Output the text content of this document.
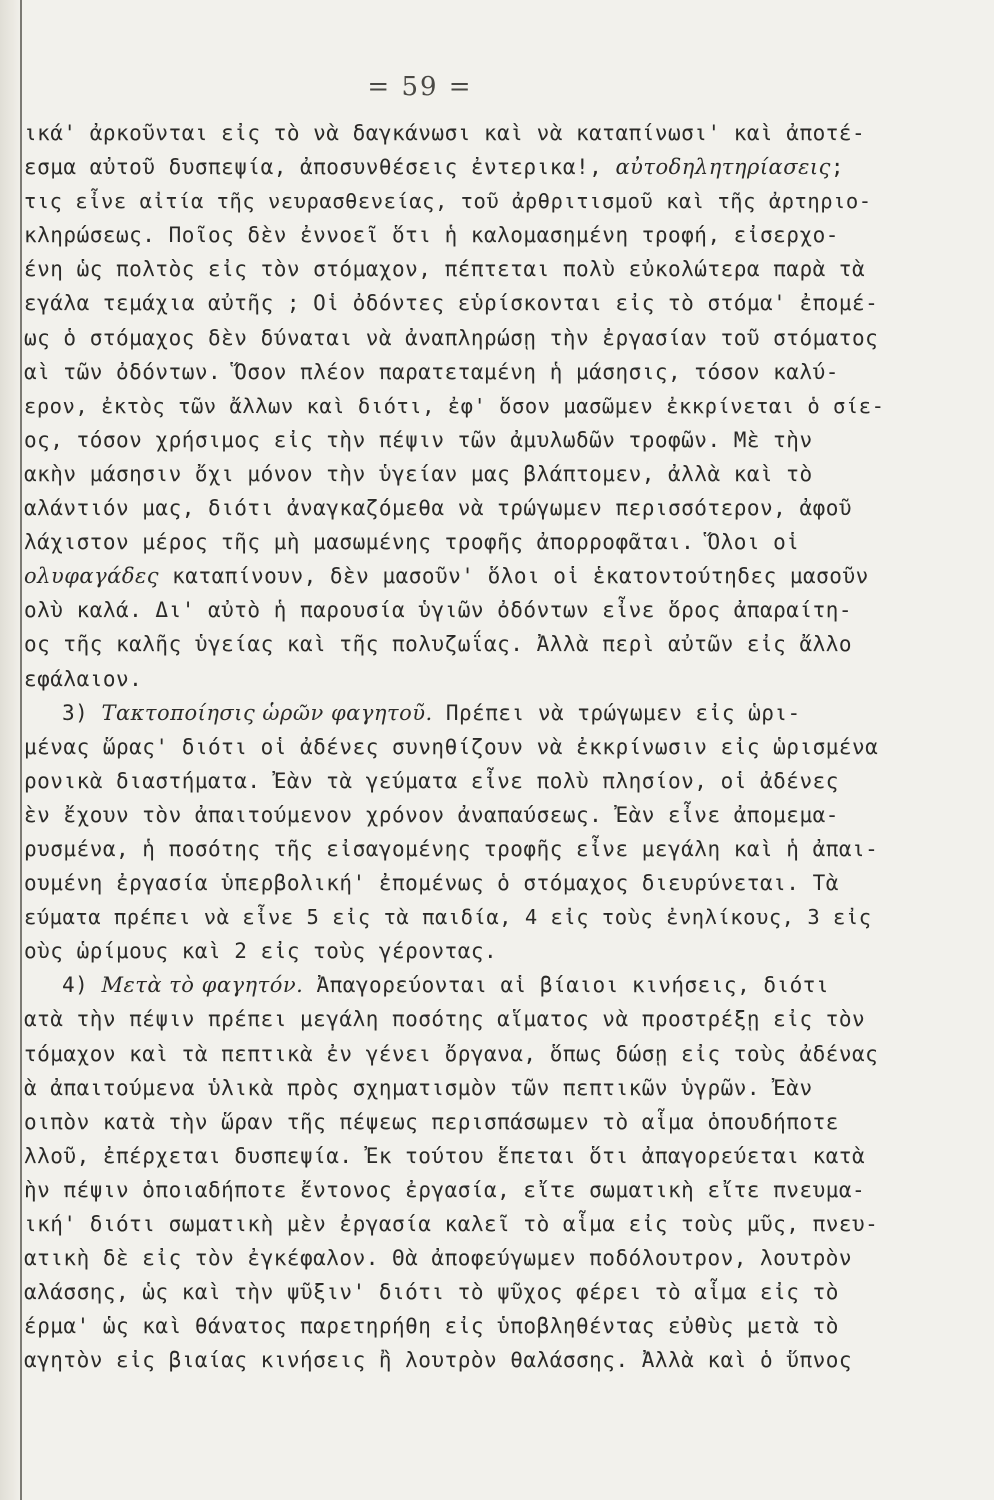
= 59 =
ικά' ἀρκοῦνται εἰς τὸ νὰ δαγκάνωσι καὶ νὰ καταπίνωσι' καὶ ἀποτέ-
εσμα αὐτοῦ δυσπεψία, ἀποσυνθέσεις ἐντερικα!, αὐτοδηλητηρίασεις;
τις εἶνε αἰτία τῆς νευρασθενείας, τοῦ ἀρθριτισμοῦ καὶ τῆς ἀρτηριο-
κληρώσεως. Ποῖος δὲν ἐννοεῖ ὅτι ἡ καλομασημένη τροφή, εἰσερχο-
ένη ὡς πολτὸς εἰς τὸν στόμαχον, πέπτεται πολὺ εὐκολώτερα παρὰ τὰ
εγάλα τεμάχια αὐτῆς ; Οἱ ὀδόντες εὑρίσκονται εἰς τὸ στόμα' ἐπομέ-
ως ὁ στόμαχος δὲν δύναται νὰ ἀναπληρώσῃ τὴν ἐργασίαν τοῦ στόματος
αὶ τῶν ὀδόντων. Ὅσον πλέον παρατεταμένη ἡ μάσησις, τόσον καλύ-
ερον, ἐκτὸς τῶν ἄλλων καὶ διότι, ἐφ' ὅσον μασῶμεν ἐκκρίνεται ὁ σίε-
ος, τόσον χρήσιμος εἰς τὴν πέψιν τῶν ἀμυλωδῶν τροφῶν. Μὲ τὴν
ακὴν μάσησιν ὄχι μόνον τὴν ὑγείαν μας βλάπτομεν, ἀλλὰ καὶ τὸ
αλάντιόν μας, διότι ἀναγκαζόμεθα νὰ τρώγωμεν περισσότερον, ἀφοῦ
λάχιστον μέρος τῆς μὴ μασωμένης τροφῆς ἀπορροφᾶται. Ὅλοι οἱ
ολυφαγάδες καταπίνουν, δὲν μασοῦν' ὅλοι οἱ ἑκατοντούτηδες μασοῦν
ολὺ καλά. Δι' αὐτὸ ἡ παρουσία ὑγιῶν ὀδόντων εἶνε ὅρος ἀπαραίτη-
ος τῆς καλῆς ὑγείας καὶ τῆς πολυζωΐας. Ἀλλὰ περὶ αὐτῶν εἰς ἄλλο
εφάλαιον.
3) Τακτοποίησις ὡρῶν φαγητοῦ. Πρέπει νὰ τρώγωμεν εἰς ὡρι-
μένας ὥρας' διότι οἱ ἀδένες συνηθίζουν νὰ ἐκκρίνωσιν εἰς ὡρισμένα
ρονικὰ διαστήματα. Ἐὰν τὰ γεύματα εἶνε πολὺ πλησίον, οἱ ἀδένες
ὲν ἔχουν τὸν ἀπαιτούμενον χρόνον ἀναπαύσεως. Ἐὰν εἶνε ἀπομεμα-
ρυσμένα, ἡ ποσότης τῆς εἰσαγομένης τροφῆς εἶνε μεγάλη καὶ ἡ ἀπαι-
ουμένη ἐργασία ὑπερβολική' ἐπομένως ὁ στόμαχος διευρύνεται. Τὰ
εύματα πρέπει νὰ εἶνε 5 εἰς τὰ παιδία, 4 εἰς τοὺς ἐνηλίκους, 3 εἰς
οὺς ὡρίμους καὶ 2 εἰς τοὺς γέροντας.
4) Μετὰ τὸ φαγητόν. Ἀπαγορεύονται αἱ βίαιοι κινήσεις, διότι
ατὰ τὴν πέψιν πρέπει μεγάλη ποσότης αἵματος νὰ προστρέξῃ εἰς τὸν
τόμαχον καὶ τὰ πεπτικὰ ἐν γένει ὄργανα, ὅπως δώσῃ εἰς τοὺς ἀδένας
ὰ ἀπαιτούμενα ὑλικὰ πρὸς σχηματισμὸν τῶν πεπτικῶν ὑγρῶν. Ἐὰν
οιπὸν κατὰ τὴν ὥραν τῆς πέψεως περισπάσωμεν τὸ αἷμα ὁπουδήποτε
λλοῦ, ἐπέρχεται δυσπεψία. Ἐκ τούτου ἕπεται ὅτι ἀπαγορεύεται κατὰ
ὴν πέψιν ὁποιαδήποτε ἔντονος ἐργασία, εἴτε σωματικὴ εἴτε πνευμα-
ική' διότι σωματικὴ μὲν ἐργασία καλεῖ τὸ αἷμα εἰς τοὺς μῦς, πνευ-
ατικὴ δὲ εἰς τὸν ἐγκέφαλον. Θὰ ἀποφεύγωμεν ποδόλουτρον, λουτρὸν
αλάσσης, ὡς καὶ τὴν ψῦξιν' διότι τὸ ψῦχος φέρει τὸ αἷμα εἰς τὸ
έρμα' ὡς καὶ θάνατος παρετηρήθη εἰς ὑποβληθέντας εὐθὺς μετὰ τὸ
αγητὸν εἰς βιαίας κινήσεις ἢ λουτρὸν θαλάσσης. Ἀλλὰ καὶ ὁ ὕπνος
